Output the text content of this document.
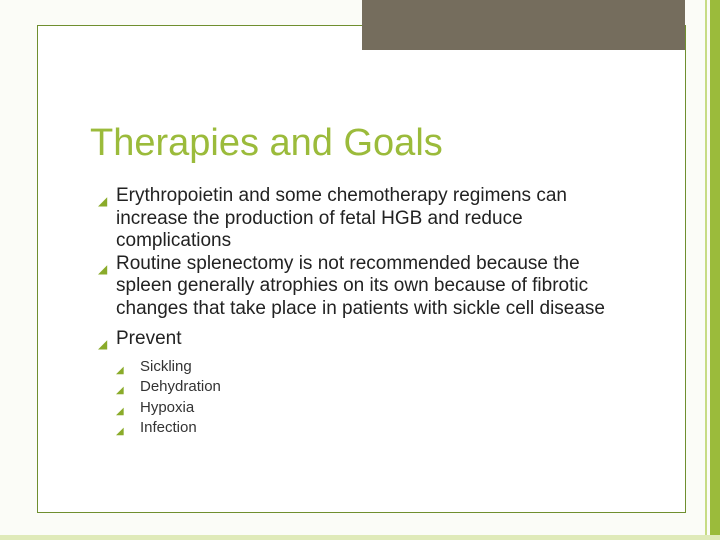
Therapies and Goals
◢ Erythropoietin and some chemotherapy regimens can increase the production of fetal HGB and reduce complications
◢ Routine splenectomy is not recommended because the spleen generally atrophies on its own because of fibrotic changes that take place in patients with sickle cell disease
◢ Prevent
◢ Sickling
◢ Dehydration
◢ Hypoxia
◢ Infection
